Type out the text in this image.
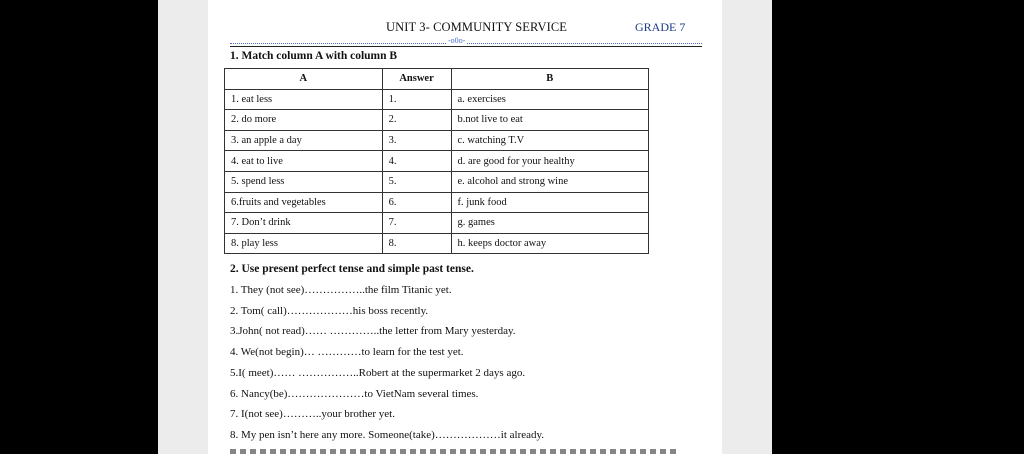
UNIT 3- COMMUNITY SERVICE	GRADE 7
-o0o-
1. Match column A with column B
A	Answer	B
1. eat less	1.	a. exercises
2. do more	2.	b.not live to eat
3. an apple a day	3.	c. watching T.V
4. eat to live	4.	d. are good for your healthy
5. spend less	5.	e. alcohol and strong wine
6.fruits and vegetables	6.	f. junk food
7. Don’t drink	7.	g. games
8. play less	8.	h. keeps doctor away
2. Use present perfect tense and simple past tense.
1. They (not see)……………..the film Titanic yet.
2. Tom( call)………………his boss recently.
3.John( not read)…… …………..the letter from Mary yesterday.
4. We(not begin)… …………to learn for the test yet.
5.I( meet)…… ……………..Robert at the supermarket 2 days ago.
6. Nancy(be)…………………to VietNam several times.
7. I(not see)………..your brother yet.
8. My pen isn’t here any more. Someone(take)………………it already.
